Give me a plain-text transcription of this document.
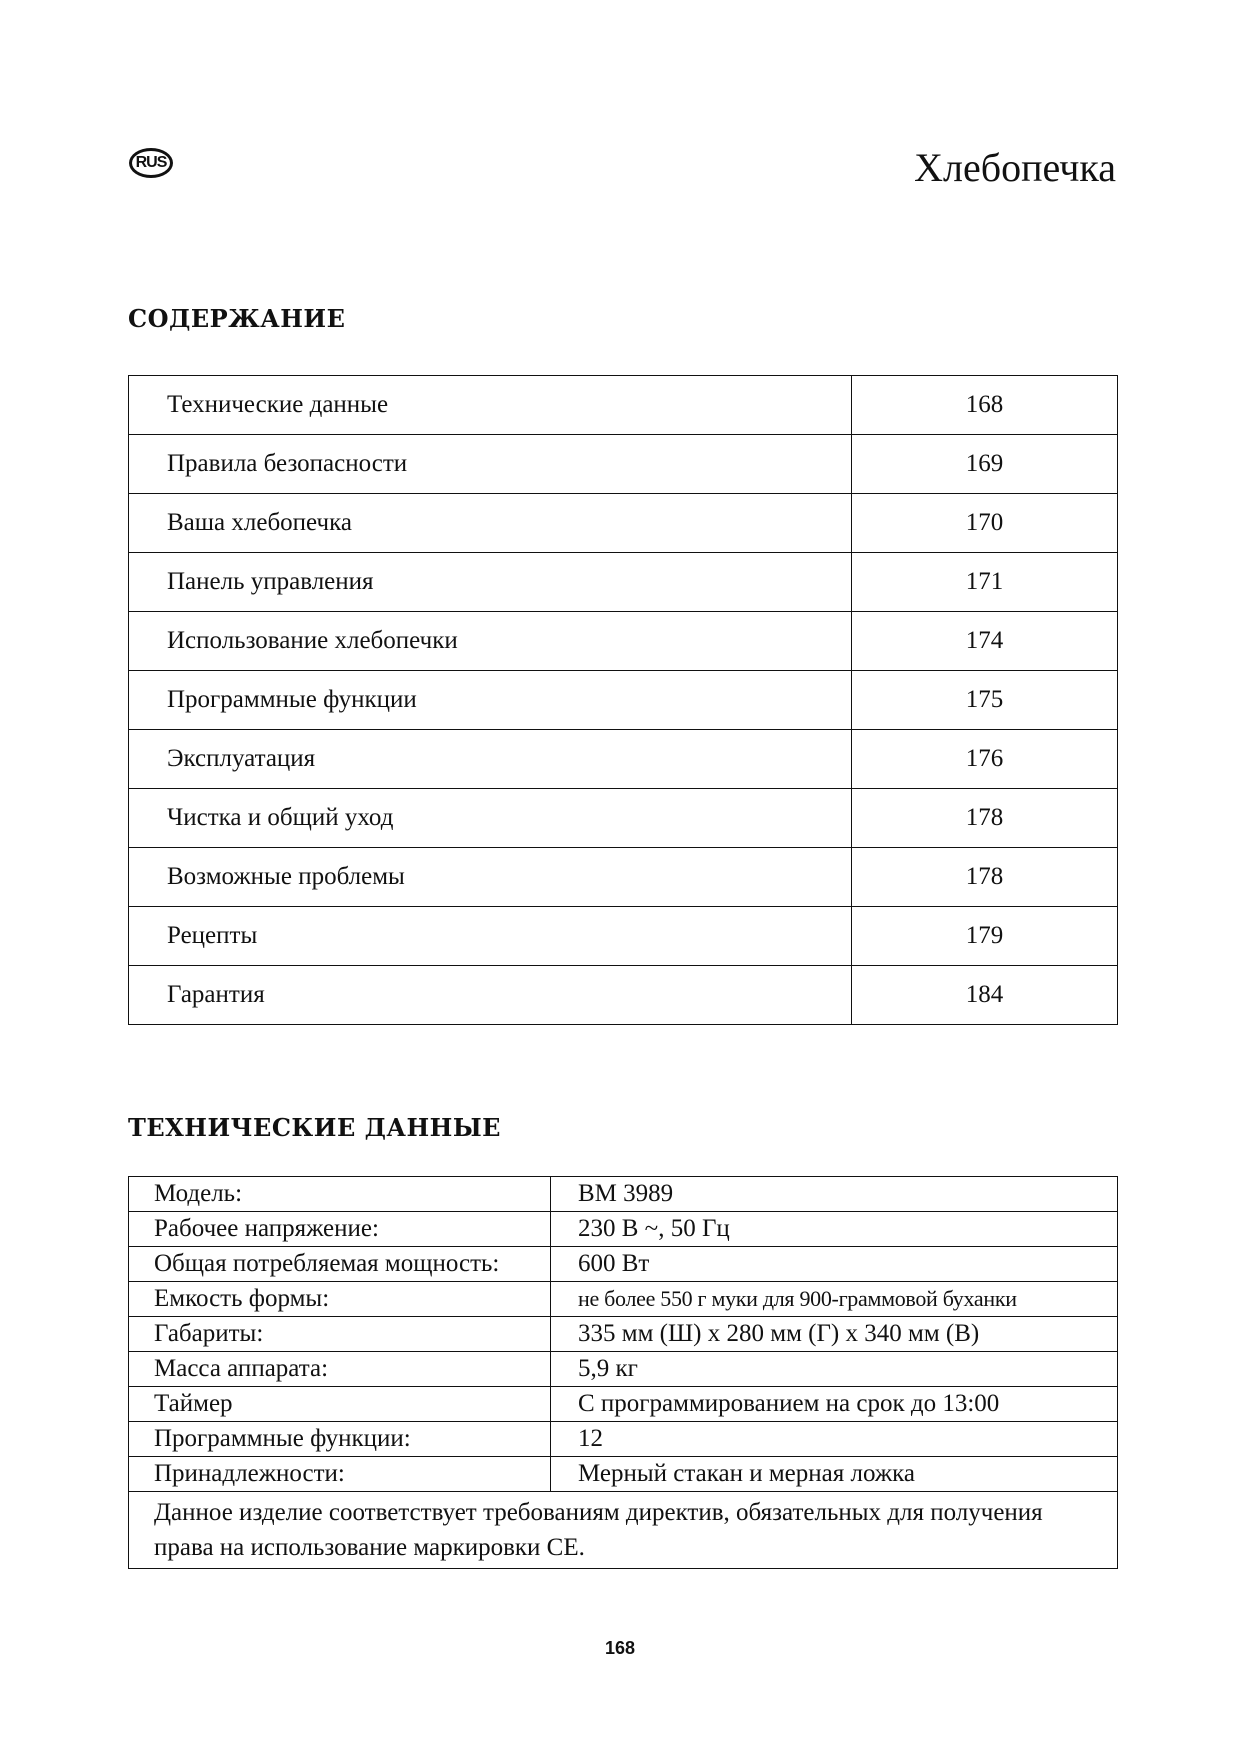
RUS	Хлебопечка
СОДЕРЖАНИЕ
Технические данные	168
Правила безопасности	169
Ваша хлебопечка	170
Панель управления	171
Использование хлебопечки	174
Программные функции	175
Эксплуатация	176
Чистка и общий уход	178
Возможные проблемы	178
Рецепты	179
Гарантия	184
ТЕХНИЧЕСКИЕ ДАННЫЕ
Модель:	BM 3989
Рабочее напряжение:	230 В ~, 50 Гц
Общая потребляемая мощность:	600 Вт
Емкость формы:	не более 550 г муки для 900-граммовой буханки
Габариты:	335 мм (Ш) х 280 мм (Г) х 340 мм (В)
Масса аппарата:	5,9 кг
Таймер	С программированием на срок до 13:00
Программные функции:	12
Принадлежности:	Мерный стакан и мерная ложка
Данное изделие соответствует требованиям директив, обязательных для получения права на использование маркировки CE.	
168
